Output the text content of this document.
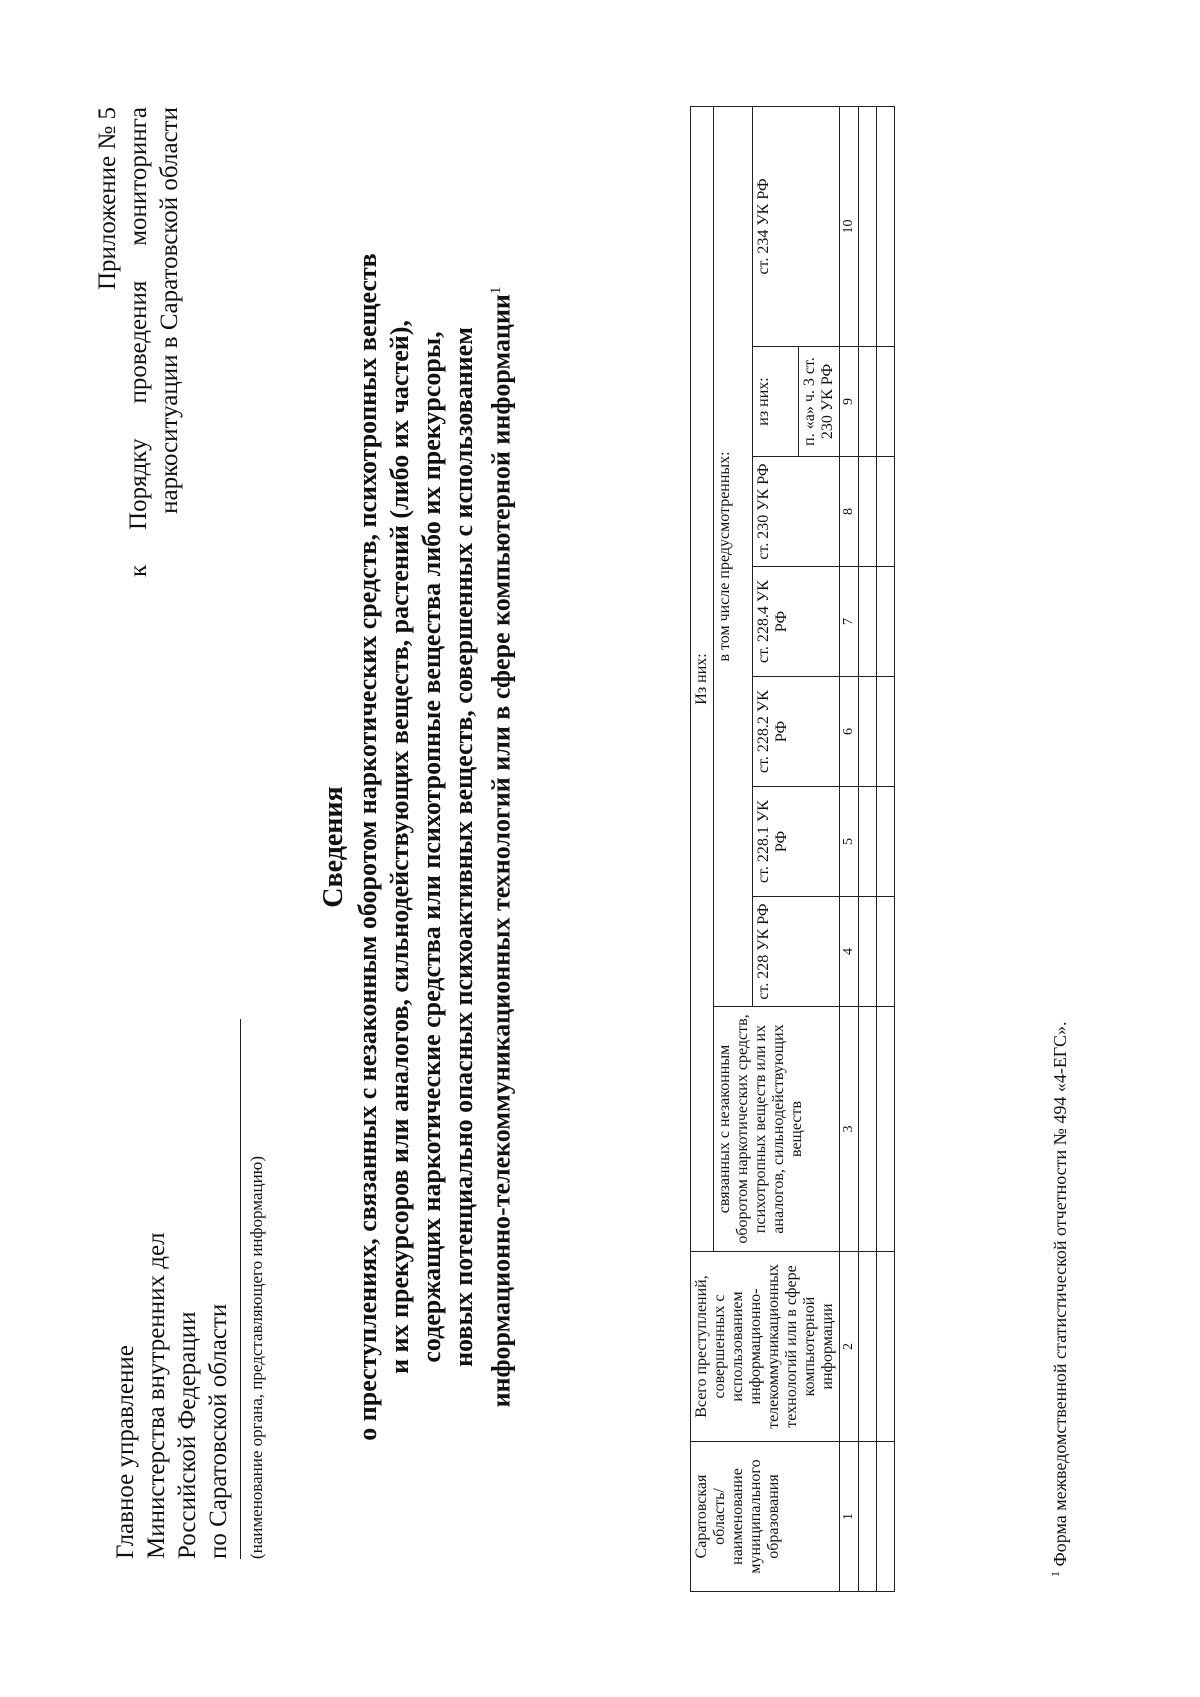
Главное управление Министерства внутренних дел Российской Федерации по Саратовской области (наименование органа, представляющего информацию)
Приложение № 5 к Порядку проведения мониторинга наркоситуации в Саратовской области
Сведения о преступлениях, связанных с незаконным оборотом наркотических средств, психотропных веществ и их прекурсоров или аналогов, сильнодействующих веществ, растений (либо их частей), содержащих наркотические средства или психотропные вещества либо их прекурсоры, новых потенциально опасных психоактивных веществ, совершенных с использованием информационно-телекоммуникационных технологий или в сфере компьютерной информации$^1$
Саратовская область/ наименование муниципального образования	Всего преступлений, совершенных с использованием информационно-телекоммуникационных технологий или в сфере компьютерной информации	Из них:							
		связанных с незаконным оборотом наркотических средств, психотропных веществ или их аналогов, сильнодействующих веществ	в том числе предусмотренных:						
			ст. 228 УК РФ	ст. 228.1 УК РФ	ст. 228.2 УК РФ	ст. 228.4 УК РФ	ст. 230 УК РФ	из них:	ст. 234 УК РФ
								п. «а» ч. 3 ст. 230 УК РФ	
1	2	3	4	5	6	7	8	9	10

$^1$ Форма межведомственной статистической отчетности № 494 «4-ЕГС».
